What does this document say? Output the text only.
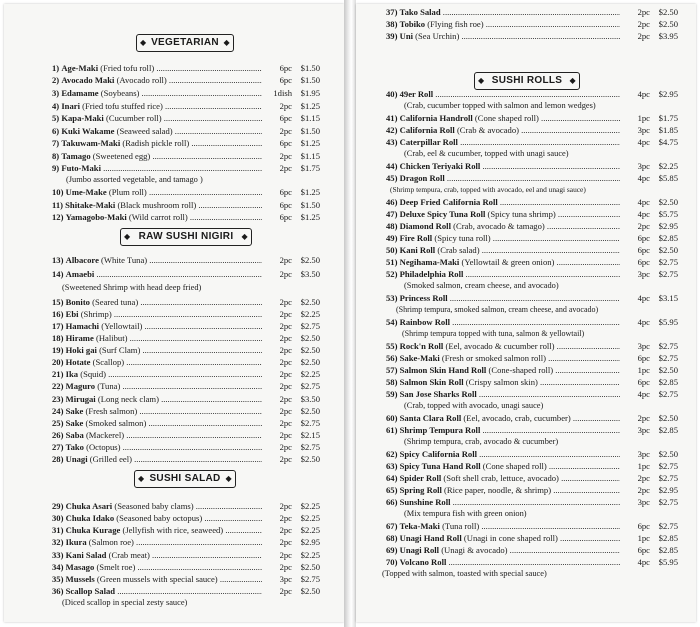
◆ VEGETARIAN ◆
◆ RAW SUSHI NIGIRI ◆
◆ SUSHI SALAD ◆
1) Age-Maki (Fried tofu roll) .....	6pc	$1.50
2) Avocado Maki (Avocado roll) .....	6pc	$1.50
3) Edamame (Soybeans) .....	1dish	$1.95
4) Inari (Fried tofu stuffed rice) .....	2pc	$1.25
5) Kapa-Maki (Cucumber roll) .....	6pc	$1.15
6) Kuki Wakame (Seaweed salad) .....	2pc	$1.50
7) Takuwam-Maki (Radish pickle roll) .....	6pc	$1.25
8) Tamago (Sweetened egg) .....	2pc	$1.15
9) Futo-Maki .....	2pc	$1.75
10) Ume-Make (Plum roll) .....	6pc	$1.25
11) Shitake-Maki (Black mushroom roll) .....	6pc	$1.50
12) Yamagobo-Maki (Wild carrot roll) .....	6pc	$1.25
(Jumbo assorted vegetable, and tamago )
13) Albacore (White Tuna) .....	2pc	$2.50
14) Amaebi .....	2pc	$3.50
15) Bonito (Seared tuna) .....	2pc	$2.50
16) Ebi (Shrimp) .....	2pc	$2.25
17) Hamachi (Yellowtail) .....	2pc	$2.75
18) Hirame (Halibut) .....	2pc	$2.50
19) Hoki gai (Surf Clam) .....	2pc	$2.50
20) Hotate (Scallop) .....	2pc	$2.50
21) Ika (Squid) .....	2pc	$2.25
22) Maguro (Tuna) .....	2pc	$2.75
23) Mirugai (Long neck clam) .....	2pc	$3.50
24) Sake (Fresh salmon) .....	2pc	$2.50
25) Sake (Smoked salmon) .....	2pc	$2.75
26) Saba (Mackerel) .....	2pc	$2.15
27) Tako (Octopus) .....	2pc	$2.75
28) Unagi (Grilled eel) .....	2pc	$2.50
(Sweetened Shrimp with head deep fried)
29) Chuka Asari (Seasoned baby clams) .....	2pc	$2.25
30) Chuka Idako (Seasoned baby octopus) .....	2pc	$2.25
31) Chuka Kurage (Jellyfish with rice, seaweed) .....	2pc	$2.25
32) Ikura (Salmon roe) .....	2pc	$2.95
33) Kani Salad (Crab meat) .....	2pc	$2.25
34) Masago (Smelt roe) .....	2pc	$2.50
35) Mussels (Green mussels with special sauce) .....	3pc	$2.75
36) Scallop Salad .....	2pc	$2.50
(Diced scallop in special zesty sauce)
◆ SUSHI ROLLS ◆
37) Tako Salad .....	2pc	$2.50
38) Tobiko (Flying fish roe) .....	2pc	$2.50
39) Uni (Sea Urchin) .....	2pc	$3.95
40) 49er Roll .....	4pc	$2.95
41) California Handroll (Cone shaped roll) .....	1pc	$1.75
42) California Roll (Crab & avocado) .....	3pc	$1.85
43) Caterpillar Roll .....	4pc	$4.75
44) Chicken Teriyaki Roll .....	3pc	$2.25
45) Dragon Roll .....	4pc	$5.85
46) Deep Fried California Roll .....	4pc	$2.50
47) Deluxe Spicy Tuna Roll (Spicy tuna shrimp) .....	4pc	$5.75
48) Diamond Roll (Crab, avocado & tamago) .....	2pc	$2.95
49) Fire Roll (Spicy tuna roll) .....	6pc	$2.85
50) Kani Roll (Crab salad) .....	6pc	$2.50
51) Negihama-Maki (Yellowtail & green onion) .....	6pc	$2.75
52) Philadelphia Roll .....	3pc	$2.75
53) Princess Roll .....	4pc	$3.15
54) Rainbow Roll .....	4pc	$5.95
55) Rock'n Roll (Eel, avocado & cucumber roll) .....	3pc	$2.75
56) Sake-Maki (Fresh or smoked salmon roll) .....	6pc	$2.75
57) Salmon Skin Hand Roll (Cone-shaped roll) .....	1pc	$2.50
58) Salmon Skin Roll (Crispy salmon skin) .....	6pc	$2.85
59) San Jose Sharks Roll .....	4pc	$2.75
60) Santa Clara Roll (Eel, avocado, crab, cucumber) .....	2pc	$2.50
61) Shrimp Tempura Roll .....	3pc	$2.85
62) Spicy California Roll .....	3pc	$2.50
63) Spicy Tuna Hand Roll (Cone shaped roll) .....	1pc	$2.75
64) Spider Roll (Soft shell crab, lettuce, avocado) .....	2pc	$2.75
65) Spring Roll (Rice paper, noodle, & shrimp) .....	2pc	$2.95
66) Sunshine Roll .....	3pc	$2.75
67) Teka-Maki (Tuna roll) .....	6pc	$2.75
68) Unagi Hand Roll (Unagi in cone shaped roll) .....	1pc	$2.85
69) Unagi Roll (Unagi & avocado) .....	6pc	$2.85
70) Volcano Roll .....	4pc	$5.95
(Crab, cucumber topped with salmon and lemon wedges)
(Crab, eel & cucumber, topped with unagi sauce)
(Shrimp tempura, crab, topped with avocado, eel and unagi sauce)
(Smoked salmon, cream cheese, and avocado)
(Shrimp tempura, smoked salmon, cream cheese, and avocado)
(Shrimp tempura topped with tuna, salmon & yellowtail)
(Crab, topped with avocado, unagi sauce)
(Shrimp tempura, crab, avocado & cucumber)
(Mix tempura fish with green onion)
(Topped with salmon, toasted with special sauce)
